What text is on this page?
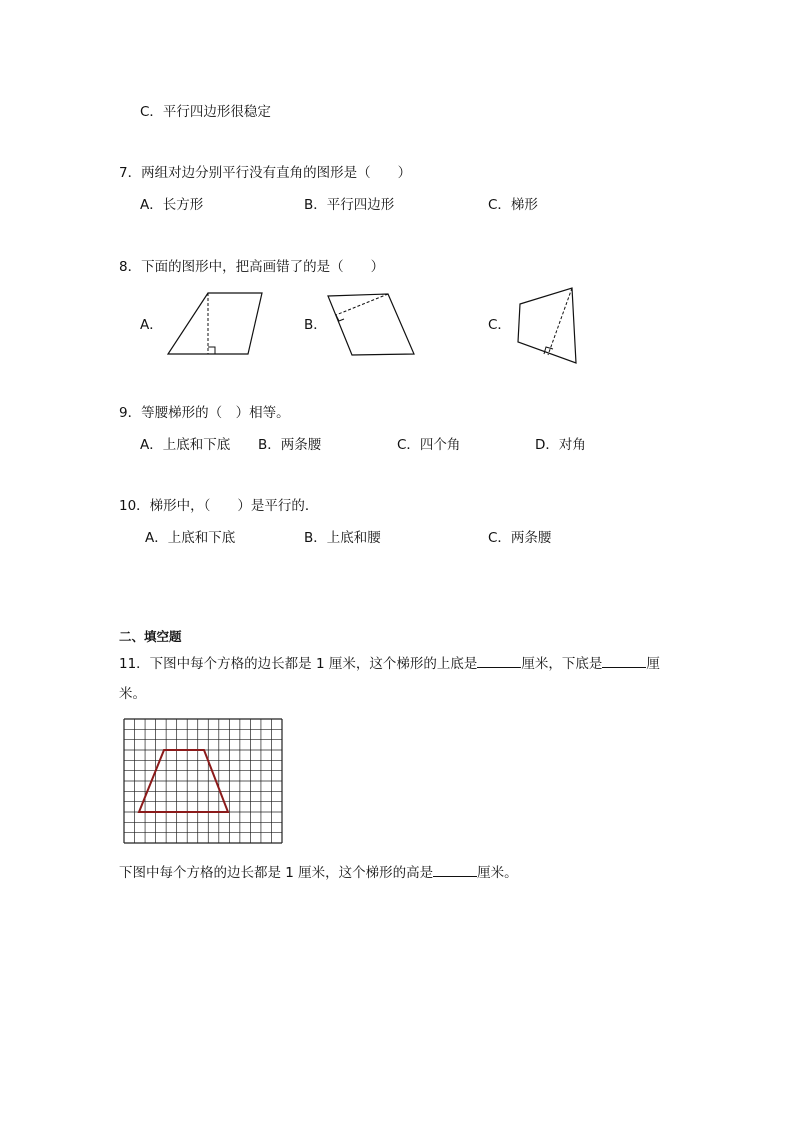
C．平行四边形很稳定
7．两组对边分别平行没有直角的图形是（　　）
A．长方形	B．平行四边形	C．梯形
8．下面的图形中，把高画错了的是（　　）
A．	B．	C．
9．等腰梯形的（　）相等。
A．上底和下底 B．两条腰	C．四个角	D．对角
10．梯形中，（　　）是平行的．
A．上底和下底	B．上底和腰	C．两条腰
二、填空题
11．下图中每个方格的边长都是 1 厘米，这个梯形的上底是	厘米，下底是	厘
米。
下图中每个方格的边长都是 1 厘米，这个梯形的高是	厘米。
